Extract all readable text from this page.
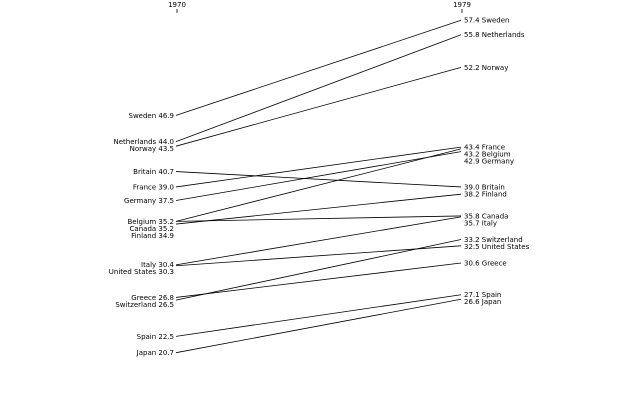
1970	1979
Sweden 46.9
57.4 Sweden
Netherlands 44.0
55.8 Netherlands
Norway 43.5
52.2 Norway
Britain 40.7
39.0 Britain
France 39.0
43.4 France
Germany 37.5
42.9 Germany
Belgium 35.2
43.2 Belgium
Canada 35.2
35.8 Canada
Finland 34.9
38.2 Finland
Italy 30.4
35.7 Italy
United States 30.3
32.5 United States
Greece 26.8
30.6 Greece
Switzerland 26.5
33.2 Switzerland
Spain 22.5
27.1 Spain
Japan 20.7
26.6 Japan
